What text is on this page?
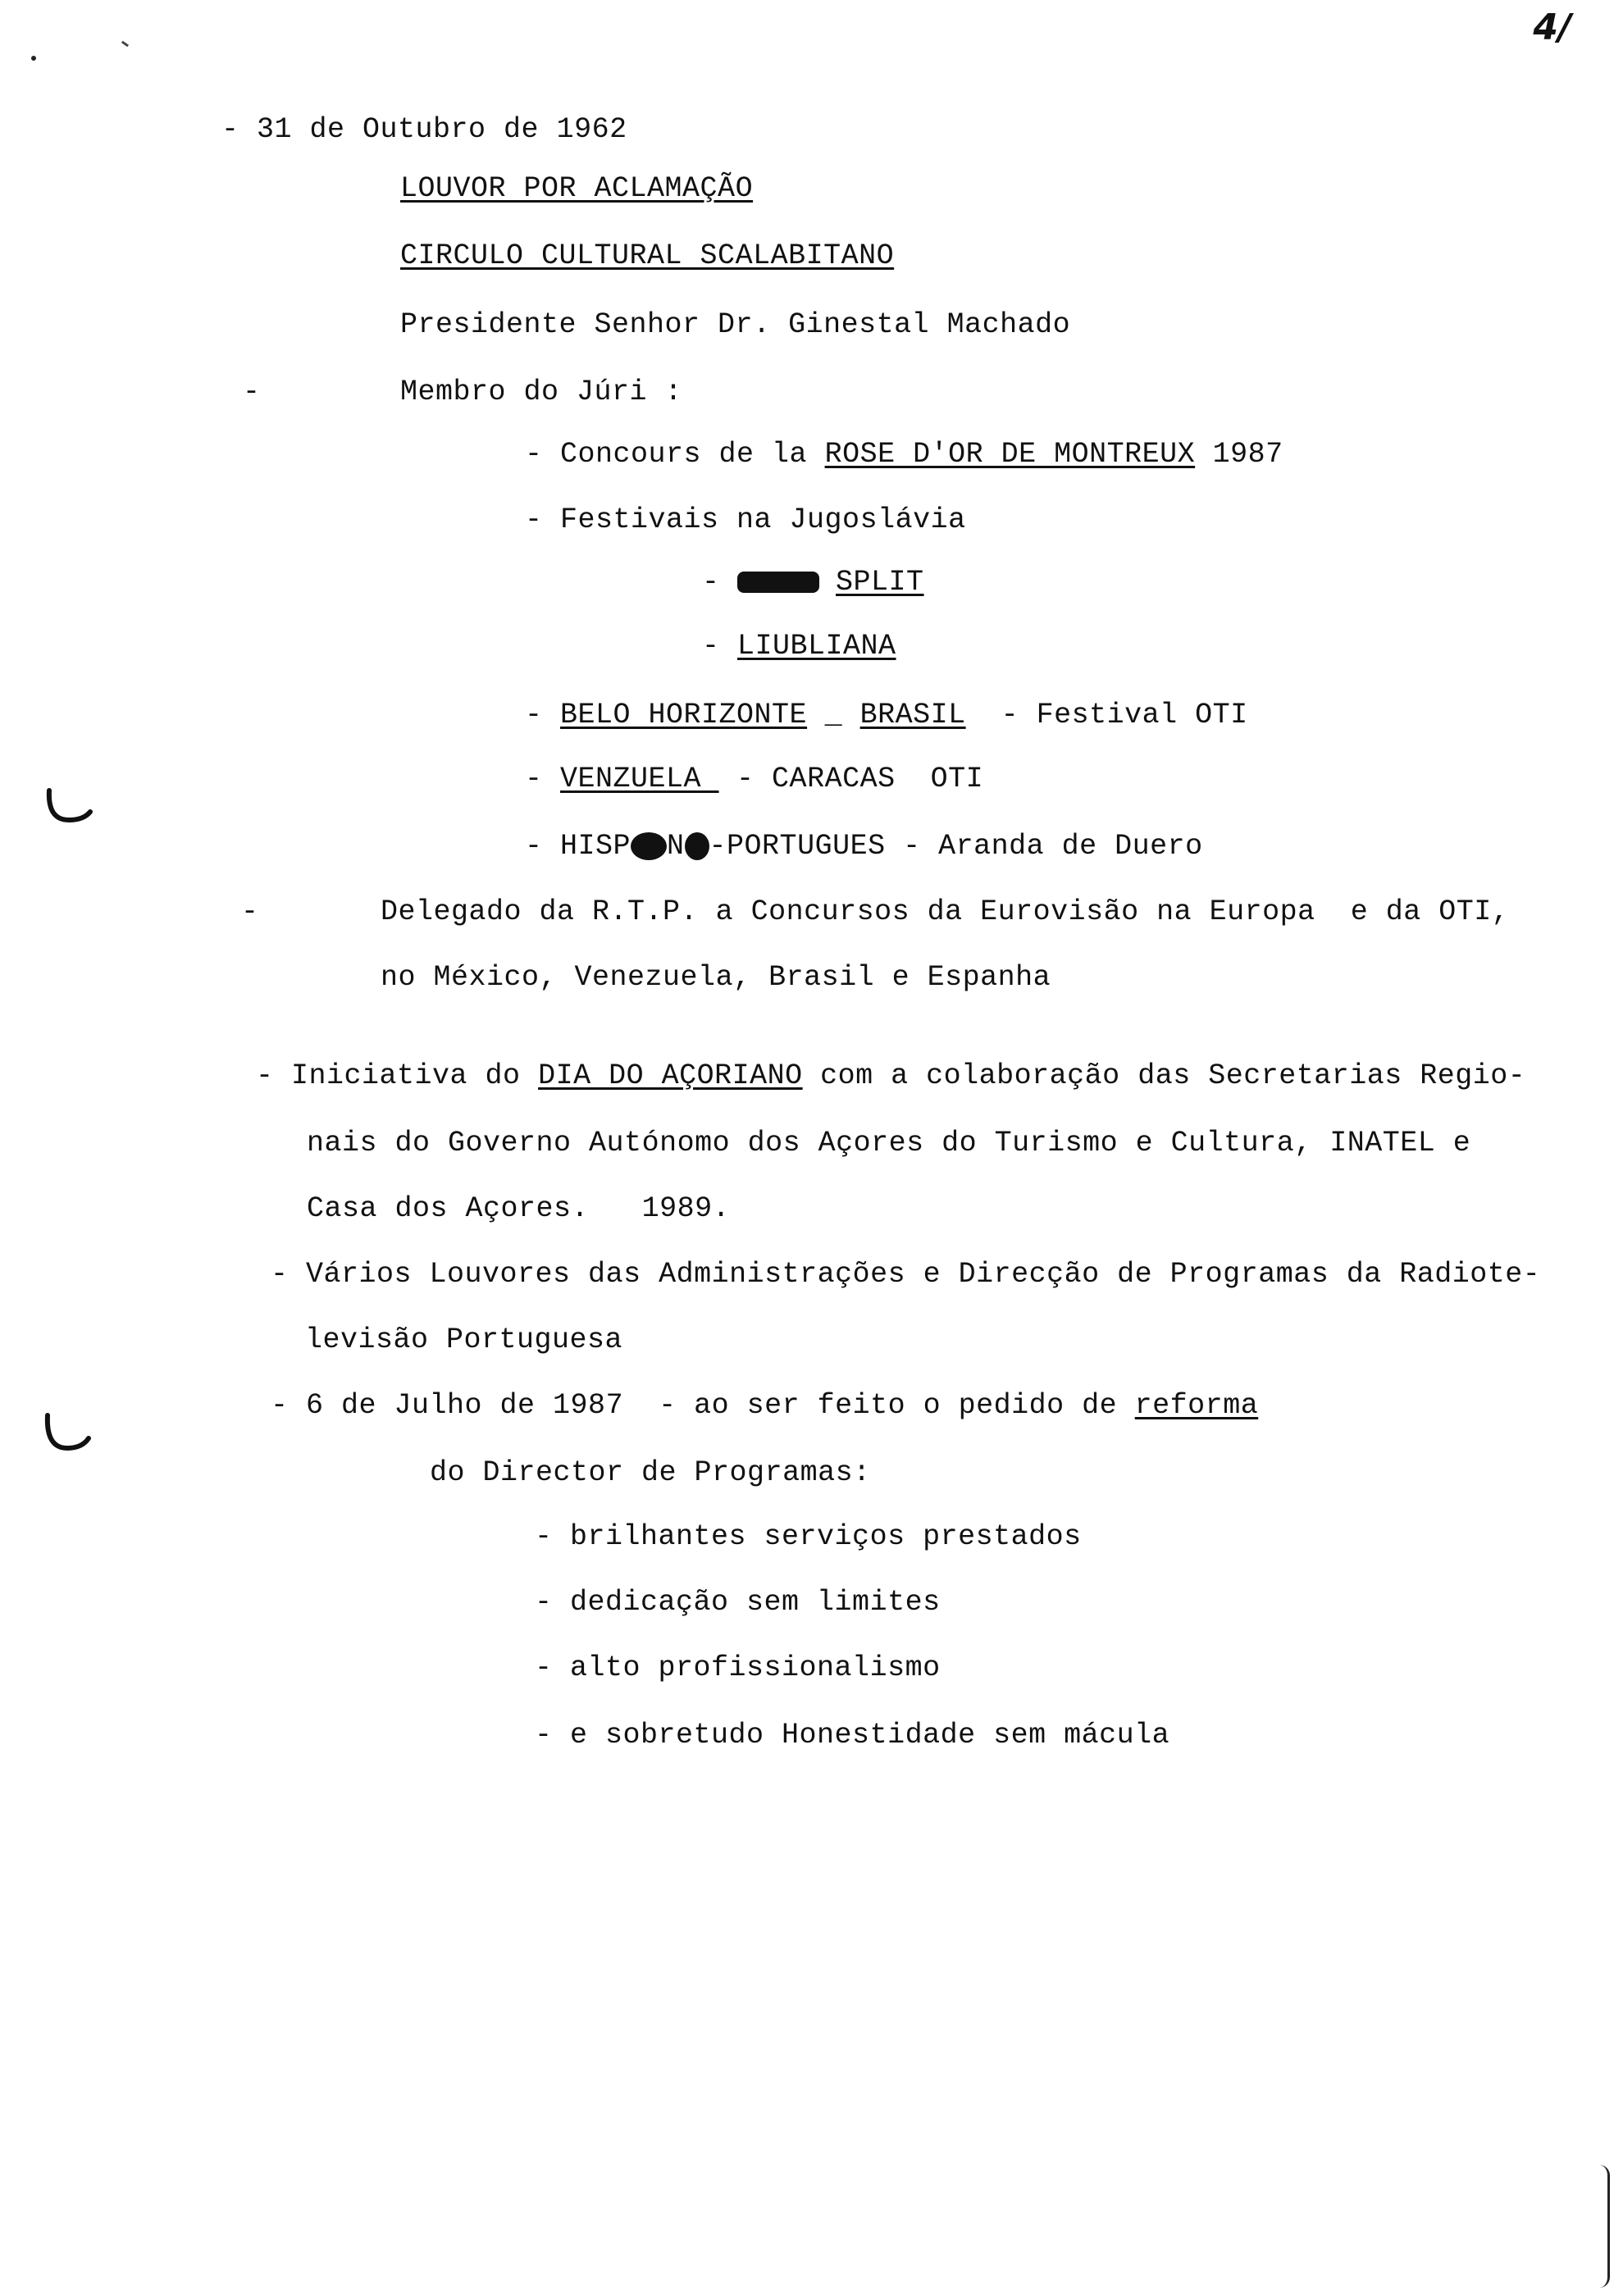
4/
- 31 de Outubro de 1962
LOUVOR POR ACLAMAÇÃO
CIRCULO CULTURAL SCALABITANO
Presidente Senhor Dr. Ginestal Machado
-	Membro do Júri :
- Concours de la ROSE D'OR DE MONTREUX 1987
- Festivais na Jugoslávia
-	SPLIT
- LIUBLIANA
- BELO HORIZONTE _ BRASIL  - Festival OTI
- VENZUELA  - CARACAS  OTI
- HISP N -PORTUGUES - Aranda de Duero
-	Delegado da R.T.P. a Concursos da Eurovisão na Europa  e da OTI,
no México, Venezuela, Brasil e Espanha
- Iniciativa do DIA DO AÇORIANO com a colaboração das Secretarias Regio-
nais do Governo Autónomo dos Açores do Turismo e Cultura, INATEL e
Casa dos Açores.   1989.
- Vários Louvores das Administrações e Direcção de Programas da Radiote-
levisão Portuguesa
- 6 de Julho de 1987  - ao ser feito o pedido de reforma
do Director de Programas:
- brilhantes serviços prestados
- dedicação sem limites
- alto profissionalismo
- e sobretudo Honestidade sem mácula
